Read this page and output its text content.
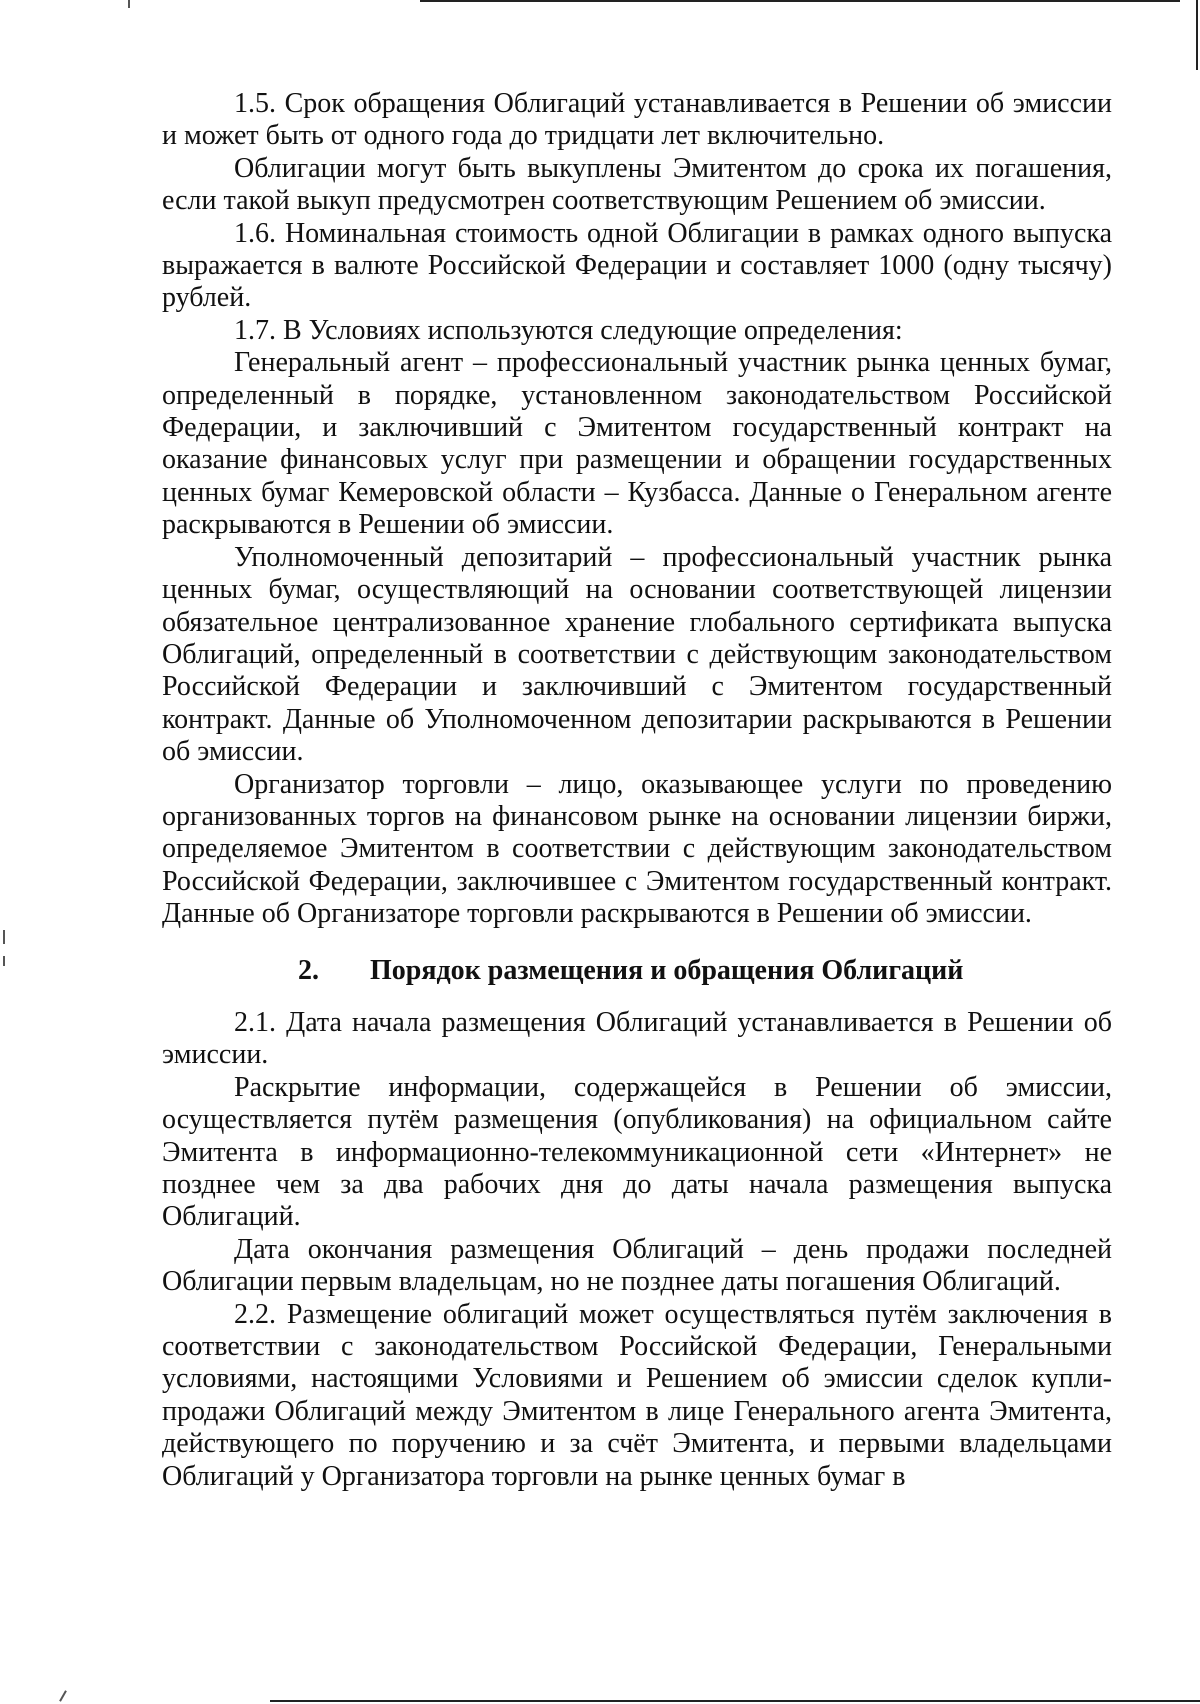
1.5. Срок обращения Облигаций устанавливается в Решении об эмиссии и может быть от одного года до тридцати лет включительно.

Облигации могут быть выкуплены Эмитентом до срока их погашения, если такой выкуп предусмотрен соответствующим Решением об эмиссии.

1.6. Номинальная стоимость одной Облигации в рамках одного выпуска выражается в валюте Российской Федерации и составляет 1000 (одну тысячу) рублей.

1.7. В Условиях используются следующие определения:

Генеральный агент – профессиональный участник рынка ценных бумаг, определенный в порядке, установленном законодательством Российской Федерации, и заключивший с Эмитентом государственный контракт на оказание финансовых услуг при размещении и обращении государственных ценных бумаг Кемеровской области – Кузбасса. Данные о Генеральном агенте раскрываются в Решении об эмиссии.

Уполномоченный депозитарий – профессиональный участник рынка ценных бумаг, осуществляющий на основании соответствующей лицензии обязательное централизованное хранение глобального сертификата выпуска Облигаций, определенный в соответствии с действующим законодательством Российской Федерации и заключивший с Эмитентом государственный контракт. Данные об Уполномоченном депозитарии раскрываются в Решении об эмиссии.

Организатор торговли – лицо, оказывающее услуги по проведению организованных торгов на финансовом рынке на основании лицензии биржи, определяемое Эмитентом в соответствии с действующим законодательством Российской Федерации, заключившее с Эмитентом государственный контракт. Данные об Организаторе торговли раскрываются в Решении об эмиссии.

2.	Порядок размещения и обращения Облигаций

2.1. Дата начала размещения Облигаций устанавливается в Решении об эмиссии.

Раскрытие информации, содержащейся в Решении об эмиссии, осуществляется путём размещения (опубликования) на официальном сайте Эмитента в информационно-телекоммуникационной сети «Интернет» не позднее чем за два рабочих дня до даты начала размещения выпуска Облигаций.

Дата окончания размещения Облигаций – день продажи последней Облигации первым владельцам, но не позднее даты погашения Облигаций.

2.2. Размещение облигаций может осуществляться путём заключения в соответствии с законодательством Российской Федерации, Генеральными условиями, настоящими Условиями и Решением об эмиссии сделок купли-продажи Облигаций между Эмитентом в лице Генерального агента Эмитента, действующего по поручению и за счёт Эмитента, и первыми владельцами Облигаций у Организатора торговли на рынке ценных бумаг в
